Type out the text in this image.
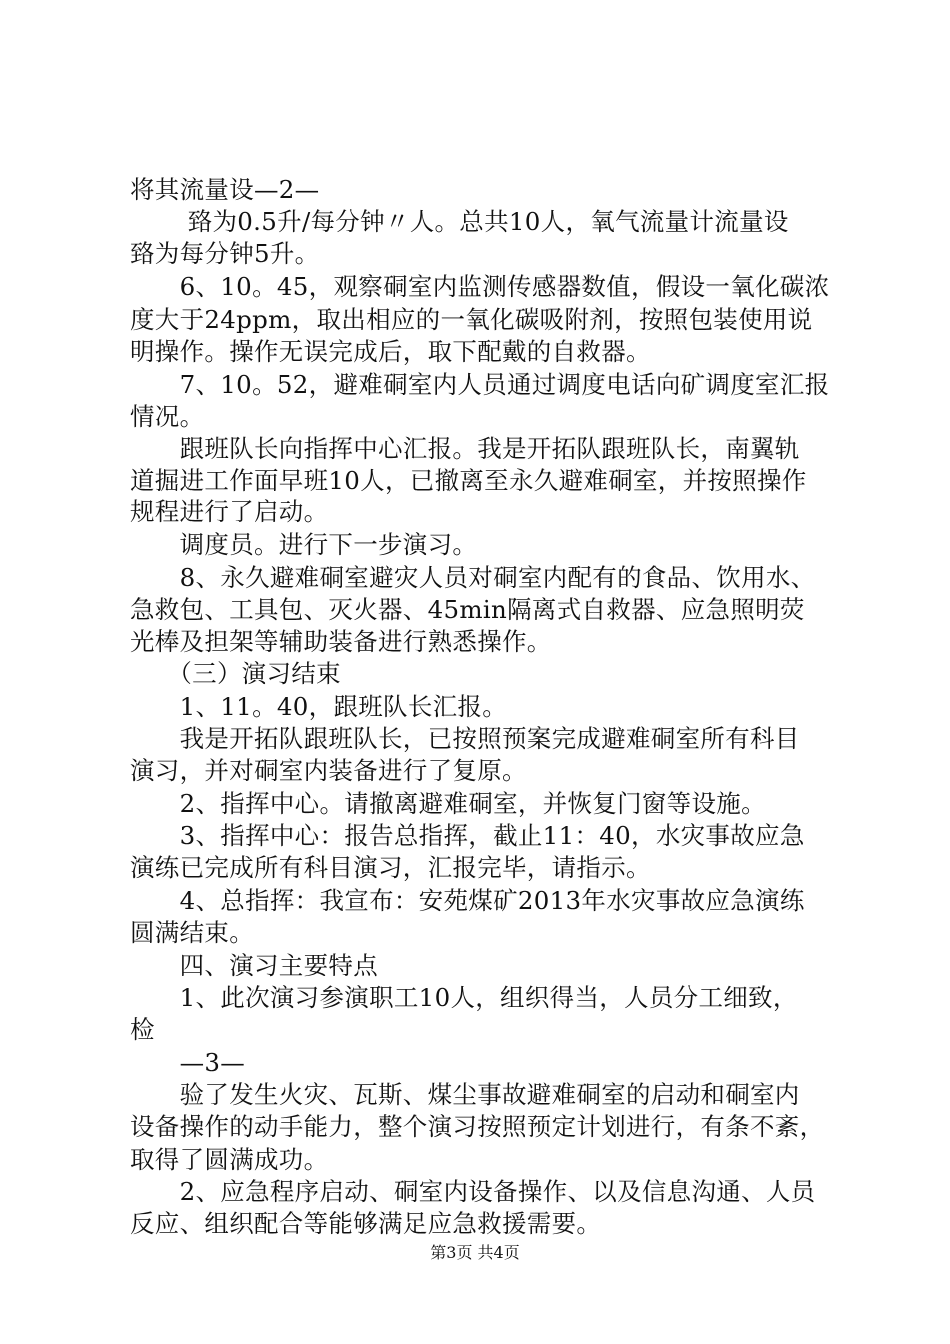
将其流量设—2—
　　 臵为0.5升/每分钟〃人。总共10人，氧气流量计流量设
臵为每分钟5升。
　　6、10。45，观察硐室内监测传感器数值，假设一氧化碳浓
度大于24ppm，取出相应的一氧化碳吸附剂，按照包装使用说
明操作。操作无误完成后，取下配戴的自救器。
　　7、10。52，避难硐室内人员通过调度电话向矿调度室汇报
情况。
　　跟班队长向指挥中心汇报。我是开拓队跟班队长，南翼轨
道掘进工作面早班10人，已撤离至永久避难硐室，并按照操作
规程进行了启动。
　　调度员。进行下一步演习。
　　8、永久避难硐室避灾人员对硐室内配有的食品、饮用水、
急救包、工具包、灭火器、45min隔离式自救器、应急照明荧
光棒及担架等辅助装备进行熟悉操作。
　　（三）演习结束
　　1、11。40，跟班队长汇报。
　　我是开拓队跟班队长，已按照预案完成避难硐室所有科目
演习，并对硐室内装备进行了复原。
　　2、指挥中心。请撤离避难硐室，并恢复门窗等设施。
　　3、指挥中心：报告总指挥，截止11：40，水灾事故应急
演练已完成所有科目演习，汇报完毕，请指示。
　　4、总指挥：我宣布：安苑煤矿2013年水灾事故应急演练
圆满结束。
　　四、演习主要特点
　　1、此次演习参演职工10人，组织得当，人员分工细致，
检
　　—3—
　　验了发生火灾、瓦斯、煤尘事故避难硐室的启动和硐室内
设备操作的动手能力，整个演习按照预定计划进行，有条不紊，
取得了圆满成功。
　　2、应急程序启动、硐室内设备操作、以及信息沟通、人员
反应、组织配合等能够满足应急救援需要。
第3页 共4页
